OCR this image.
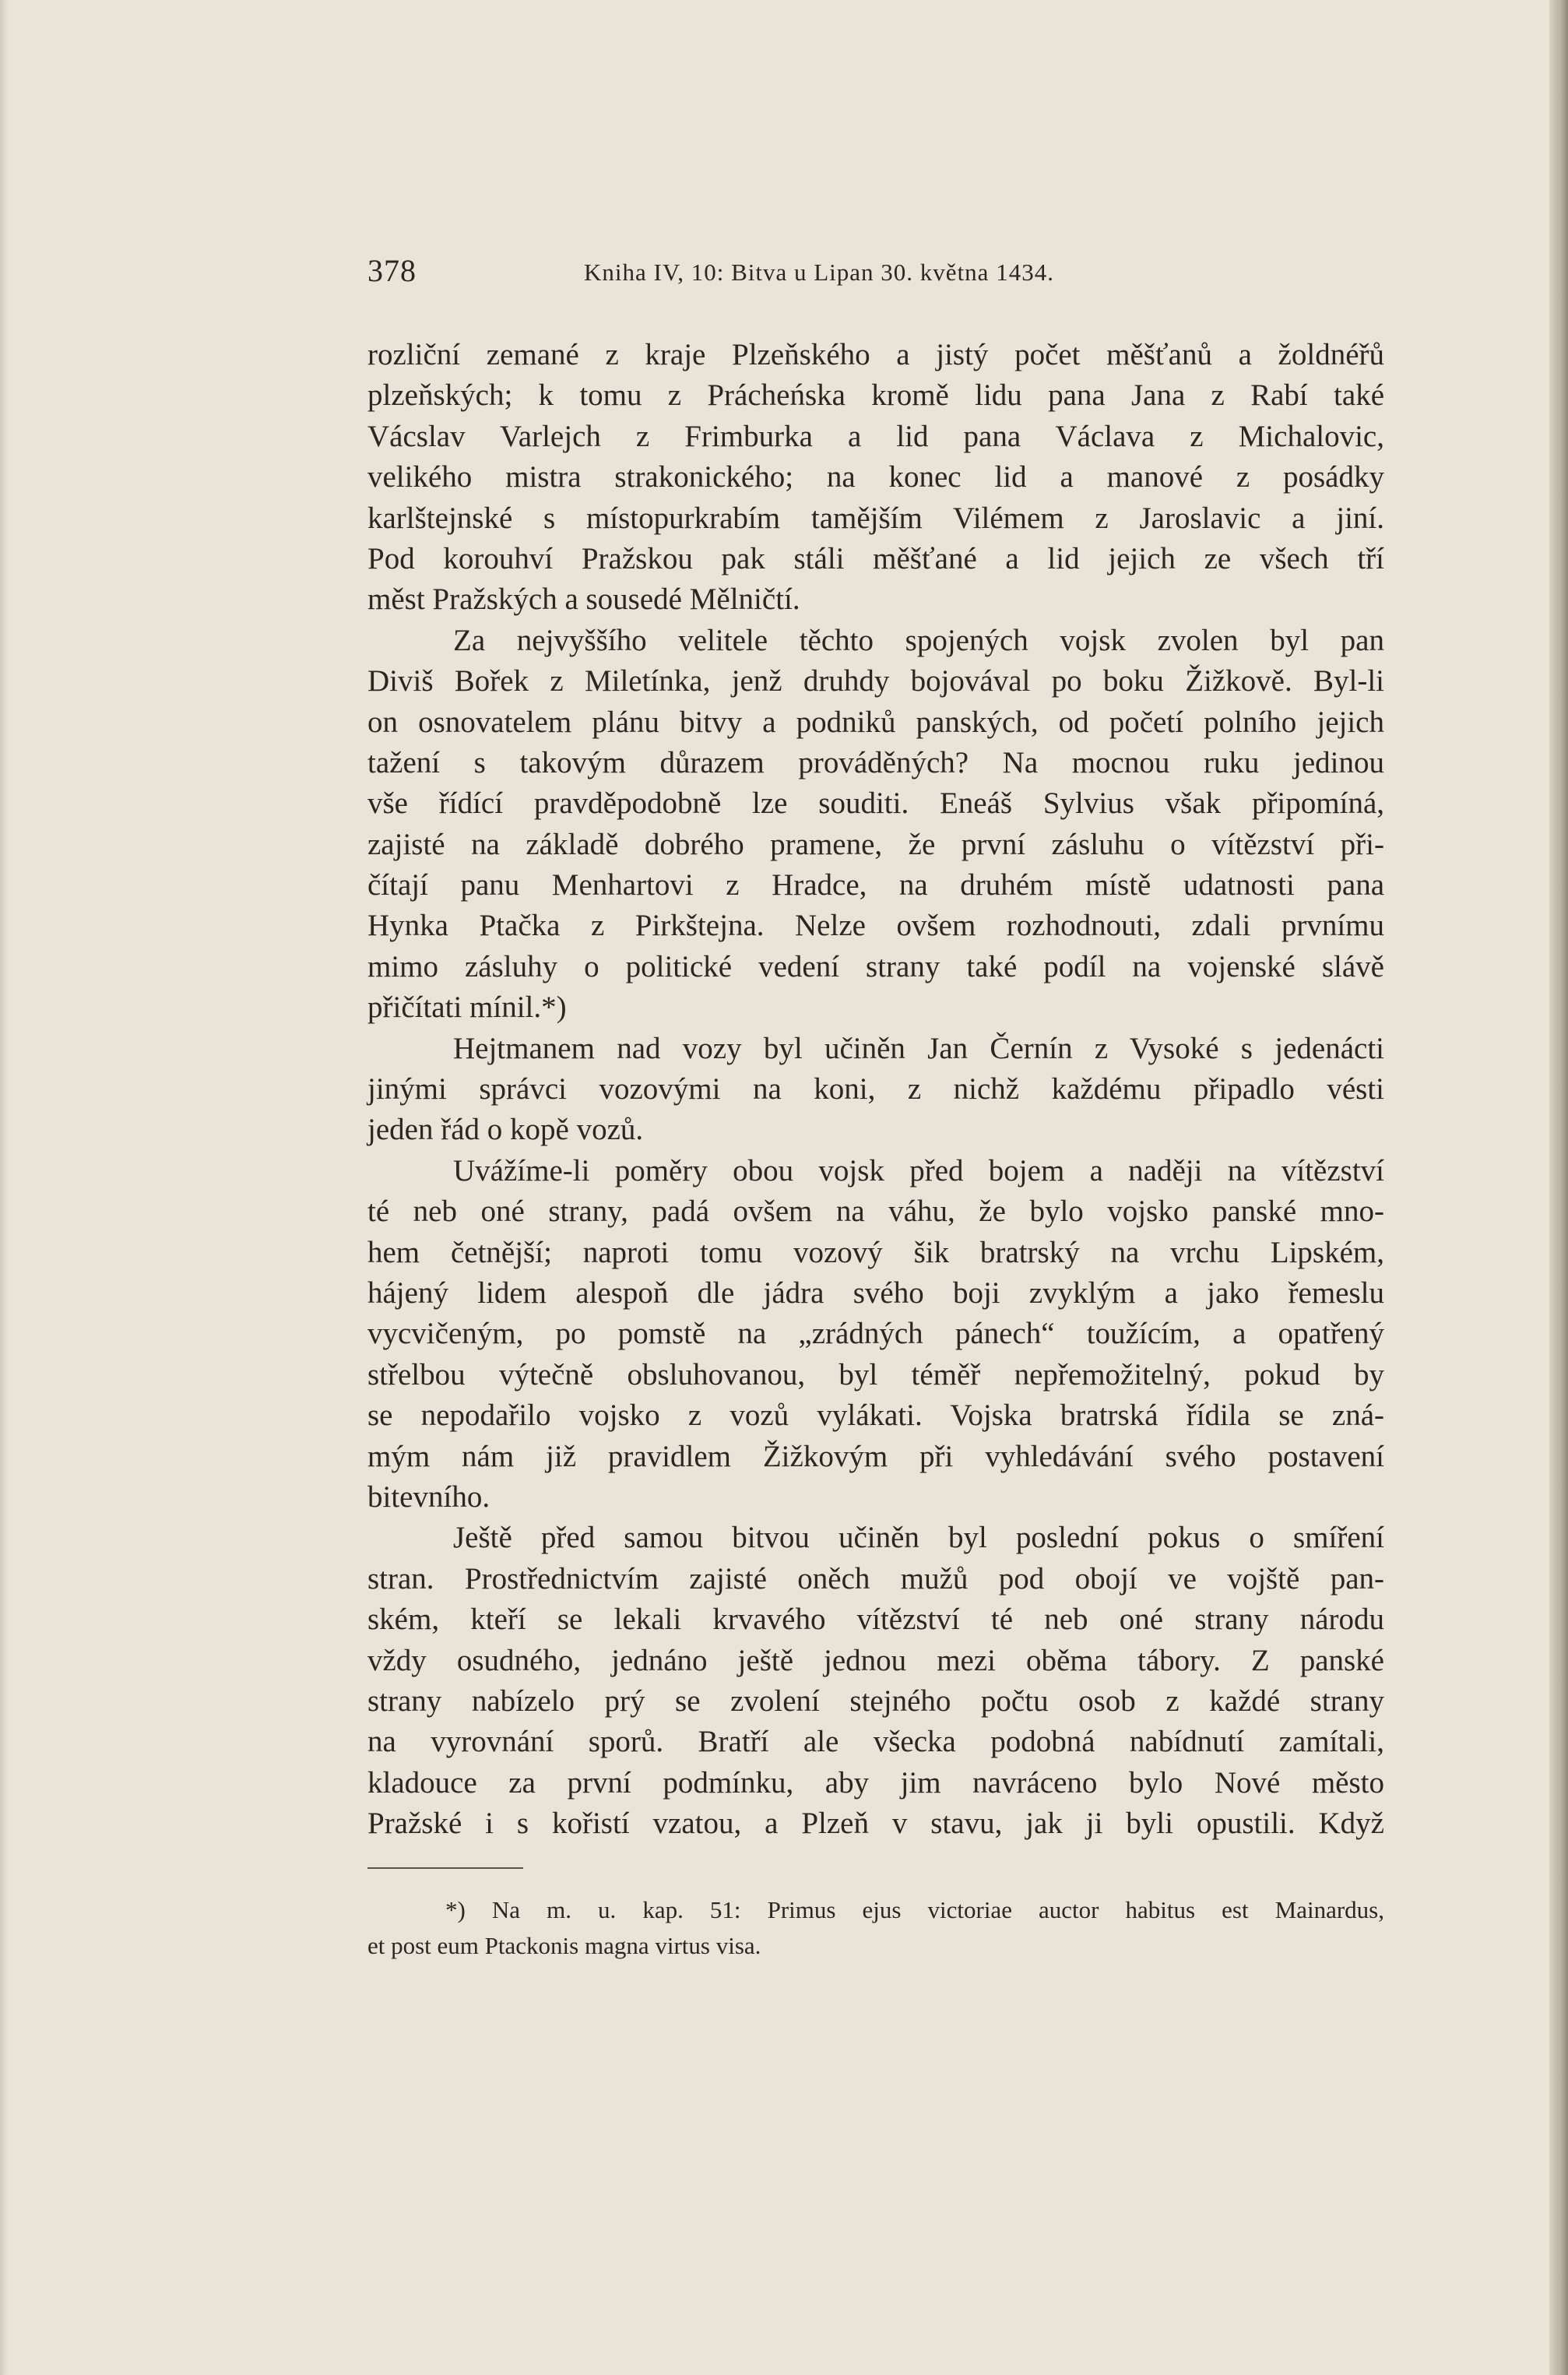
378	Kniha IV, 10: Bitva u Lipan 30. května 1434.
rozliční zemané z kraje Plzeňského a jistý počet měšťanů a žoldnéřů
plzeňských; k tomu z Prácheńska kromě lidu pana Jana z Rabí také
Vácslav Varlejch z Frimburka a lid pana Václava z Michalovic,
velikého mistra strakonického; na konec lid a manové z posádky
karlštejnské s místopurkrabím tamějším Vilémem z Jaroslavic a jiní.
Pod korouhví Pražskou pak stáli měšťané a lid jejich ze všech tří
měst Pražských a sousedé Mělničtí.
Za nejvyššího velitele těchto spojených vojsk zvolen byl pan
Diviš Bořek z Miletínka, jenž druhdy bojovával po boku Žižkově. Byl-li
on osnovatelem plánu bitvy a podniků panských, od početí polního jejich
tažení s takovým důrazem prováděných? Na mocnou ruku jedinou
vše řídící pravděpodobně lze souditi. Eneáš Sylvius však připomíná,
zajisté na základě dobrého pramene, že první zásluhu o vítězství při-
čítají panu Menhartovi z Hradce, na druhém místě udatnosti pana
Hynka Ptačka z Pirkštejna. Nelze ovšem rozhodnouti, zdali prvnímu
mimo zásluhy o politické vedení strany také podíl na vojenské slávě
přičítati mínil.*)
Hejtmanem nad vozy byl učiněn Jan Černín z Vysoké s jedenácti
jinými správci vozovými na koni, z nichž každému připadlo vésti
jeden řád o kopě vozů.
Uvážíme-li poměry obou vojsk před bojem a naději na vítězství
té neb oné strany, padá ovšem na váhu, že bylo vojsko panské mno-
hem četnější; naproti tomu vozový šik bratrský na vrchu Lipském,
hájený lidem alespoň dle jádra svého boji zvyklým a jako řemeslu
vycvičeným, po pomstě na „zrádných pánech“ toužícím, a opatřený
střelbou výtečně obsluhovanou, byl téměř nepřemožitelný, pokud by
se nepodařilo vojsko z vozů vylákati. Vojska bratrská řídila se zná-
mým nám již pravidlem Žižkovým při vyhledávání svého postavení
bitevního.
Ještě před samou bitvou učiněn byl poslední pokus o smíření
stran. Prostřednictvím zajisté oněch mužů pod obojí ve vojště pan-
ském, kteří se lekali krvavého vítězství té neb oné strany národu
vždy osudného, jednáno ještě jednou mezi oběma tábory. Z panské
strany nabízelo prý se zvolení stejného počtu osob z každé strany
na vyrovnání sporů. Bratří ale všecka podobná nabídnutí zamítali,
kladouce za první podmínku, aby jim navráceno bylo Nové město
Pražské i s kořistí vzatou, a Plzeň v stavu, jak ji byli opustili. Když
*) Na m. u. kap. 51: Primus ejus victoriae auctor habitus est Mainardus,
et post eum Ptackonis magna virtus visa.
